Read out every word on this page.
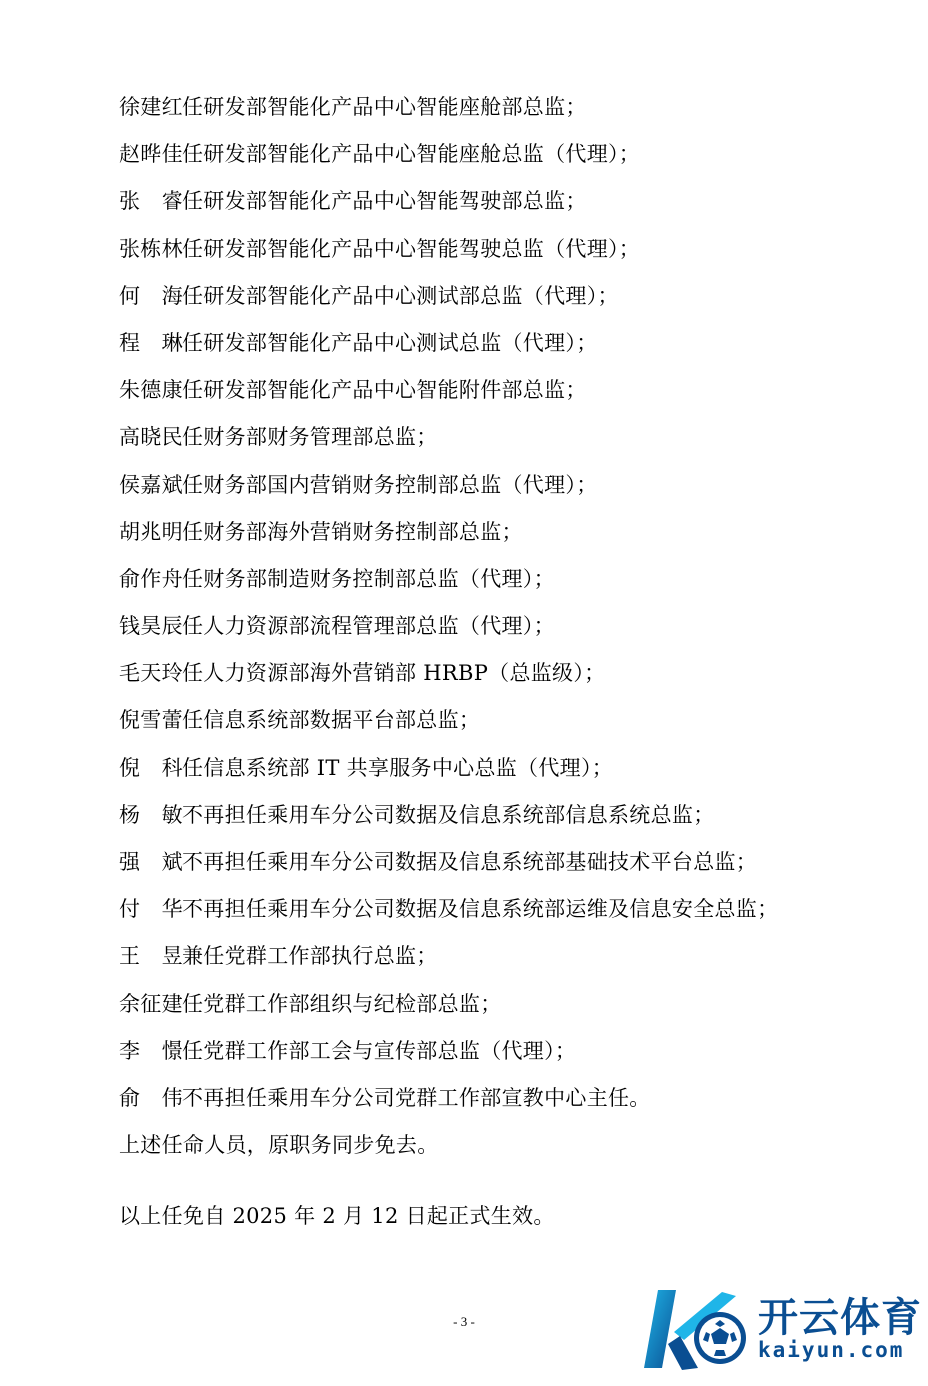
徐建红任研发部智能化产品中心智能座舱部总监；
赵晔佳任研发部智能化产品中心智能座舱总监（代理）；
张　睿任研发部智能化产品中心智能驾驶部总监；
张栋林任研发部智能化产品中心智能驾驶总监（代理）；
何　海任研发部智能化产品中心测试部总监（代理）；
程　琳任研发部智能化产品中心测试总监（代理）；
朱德康任研发部智能化产品中心智能附件部总监；
高晓民任财务部财务管理部总监；
侯嘉斌任财务部国内营销财务控制部总监（代理）；
胡兆明任财务部海外营销财务控制部总监；
俞作舟任财务部制造财务控制部总监（代理）；
钱昊辰任人力资源部流程管理部总监（代理）；
毛天玲任人力资源部海外营销部 HRBP（总监级）；
倪雪蕾任信息系统部数据平台部总监；
倪　科任信息系统部 IT 共享服务中心总监（代理）；
杨　敏不再担任乘用车分公司数据及信息系统部信息系统总监；
强　斌不再担任乘用车分公司数据及信息系统部基础技术平台总监；
付　华不再担任乘用车分公司数据及信息系统部运维及信息安全总监；
王　昱兼任党群工作部执行总监；
余征建任党群工作部组织与纪检部总监；
李　憬任党群工作部工会与宣传部总监（代理）；
俞　伟不再担任乘用车分公司党群工作部宣教中心主任。
上述任命人员，原职务同步免去。
以上任免自 2025 年 2 月 12 日起正式生效。
- 3 -	开云体育
kaiyun.com
